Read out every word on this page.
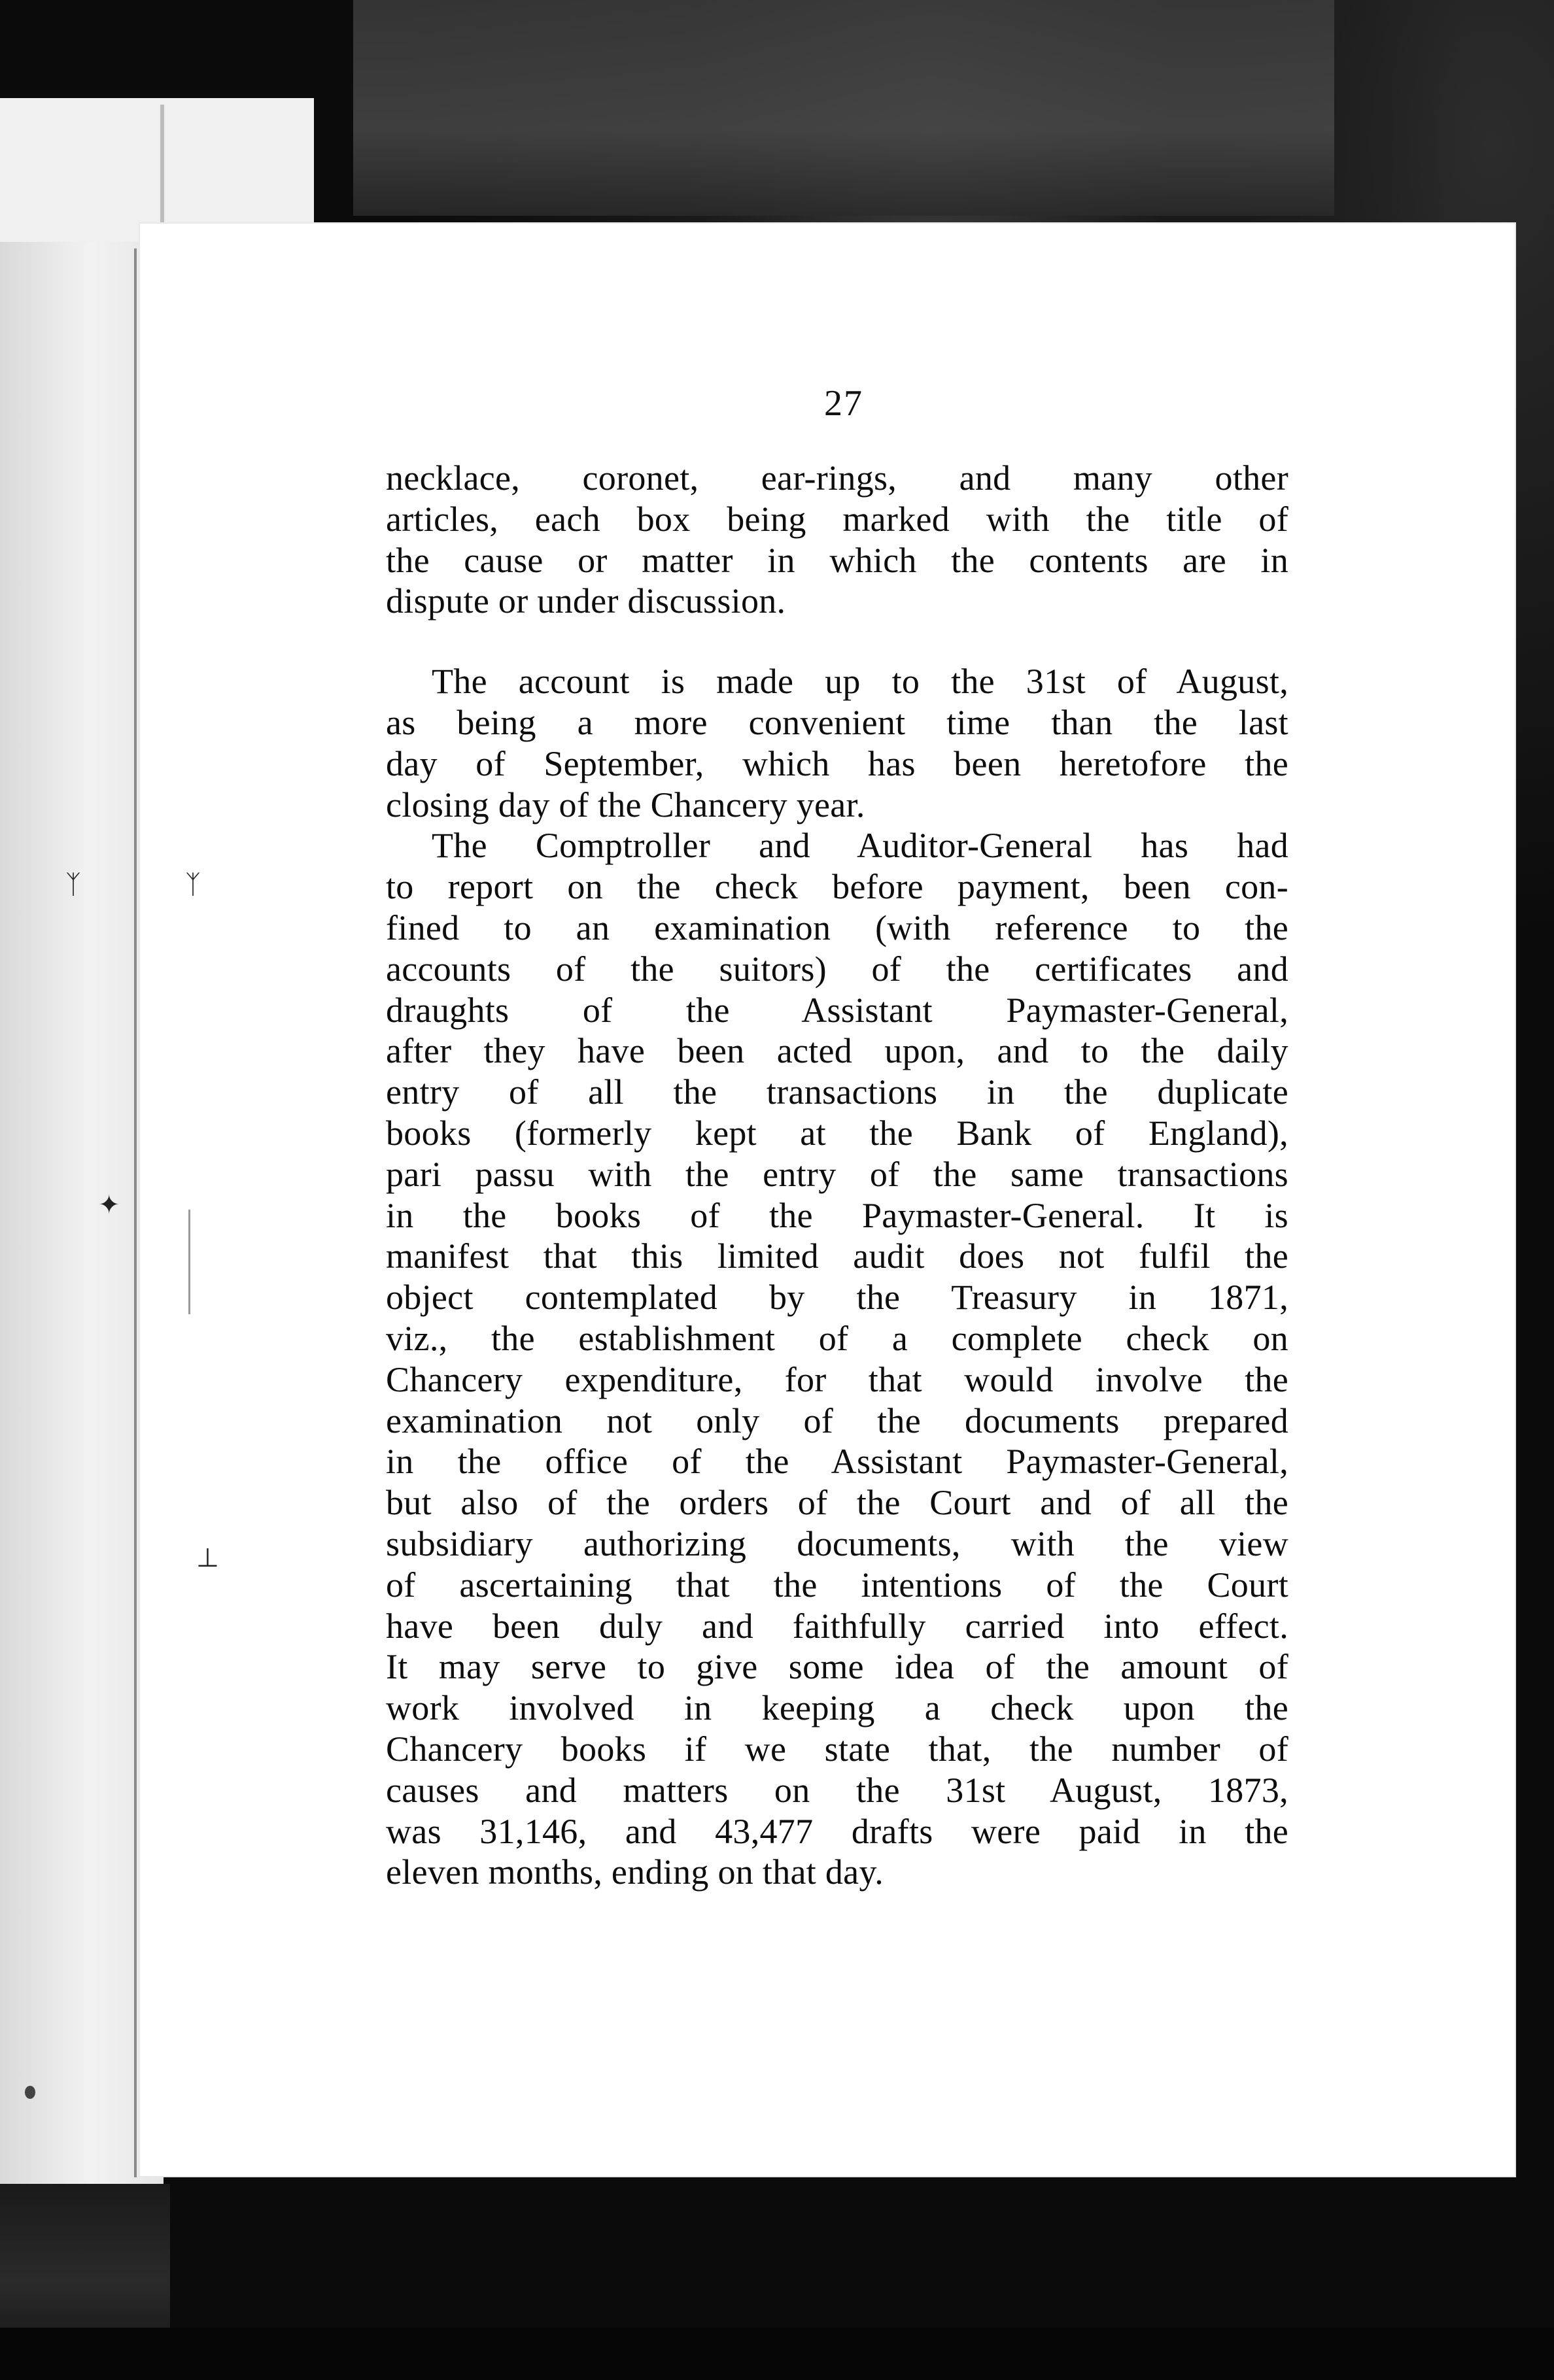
ᛉ	ᛉ
✦
⊥
27
necklace, coronet, ear-rings, and many other
articles, each box being marked with the title of
the cause or matter in which the contents are in
dispute or under discussion.
The account is made up to the 31st of August,
as being a more convenient time than the last
day of September, which has been heretofore the
closing day of the Chancery year.
The Comptroller and Auditor-General has had
to report on the check before payment, been con-
fined to an examination (with reference to the
accounts of the suitors) of the certificates and
draughts of the Assistant Paymaster-General,
after they have been acted upon, and to the daily
entry of all the transactions in the duplicate
books (formerly kept at the Bank of England),
pari passu with the entry of the same transactions
in the books of the Paymaster-General. It is
manifest that this limited audit does not fulfil the
object contemplated by the Treasury in 1871,
viz., the establishment of a complete check on
Chancery expenditure, for that would involve the
examination not only of the documents prepared
in the office of the Assistant Paymaster-General,
but also of the orders of the Court and of all the
subsidiary authorizing documents, with the view
of ascertaining that the intentions of the Court
have been duly and faithfully carried into effect.
It may serve to give some idea of the amount of
work involved in keeping a check upon the
Chancery books if we state that, the number of
causes and matters on the 31st August, 1873,
was 31,146, and 43,477 drafts were paid in the
eleven months, ending on that day.
